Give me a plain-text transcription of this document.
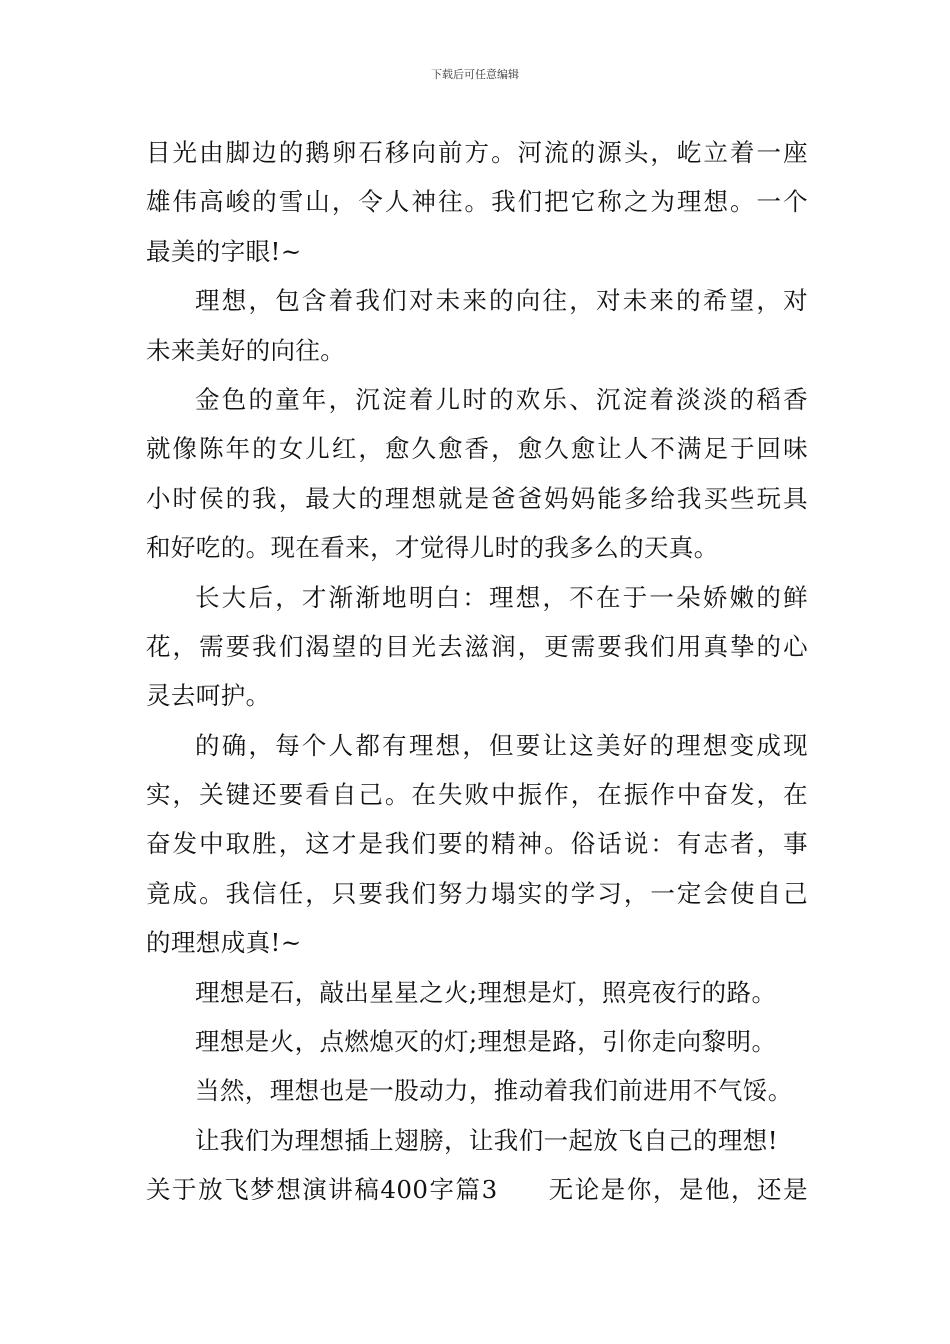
下载后可任意编辑
目光由脚边的鹅卵石移向前方。河流的源头，屹立着一座
雄伟高峻的雪山，令人神往。我们把它称之为理想。一个
最美的字眼!~
理想，包含着我们对未来的向往，对未来的希望，对
未来美好的向往。
金色的童年，沉淀着儿时的欢乐、沉淀着淡淡的稻香
就像陈年的女儿红，愈久愈香，愈久愈让人不满足于回味
小时侯的我，最大的理想就是爸爸妈妈能多给我买些玩具
和好吃的。现在看来，才觉得儿时的我多么的天真。
长大后，才渐渐地明白：理想，不在于一朵娇嫩的鲜
花，需要我们渴望的目光去滋润，更需要我们用真挚的心
灵去呵护。
的确，每个人都有理想，但要让这美好的理想变成现
实，关键还要看自己。在失败中振作，在振作中奋发，在
奋发中取胜，这才是我们要的精神。俗话说：有志者，事
竟成。我信任，只要我们努力塌实的学习，一定会使自己
的理想成真!~
理想是石，敲出星星之火;理想是灯，照亮夜行的路。
理想是火，点燃熄灭的灯;理想是路，引你走向黎明。
当然，理想也是一股动力，推动着我们前进用不气馁。
让我们为理想插上翅膀，让我们一起放飞自己的理想!
关于放飞梦想演讲稿400字篇3 无论是你，是他，还是
